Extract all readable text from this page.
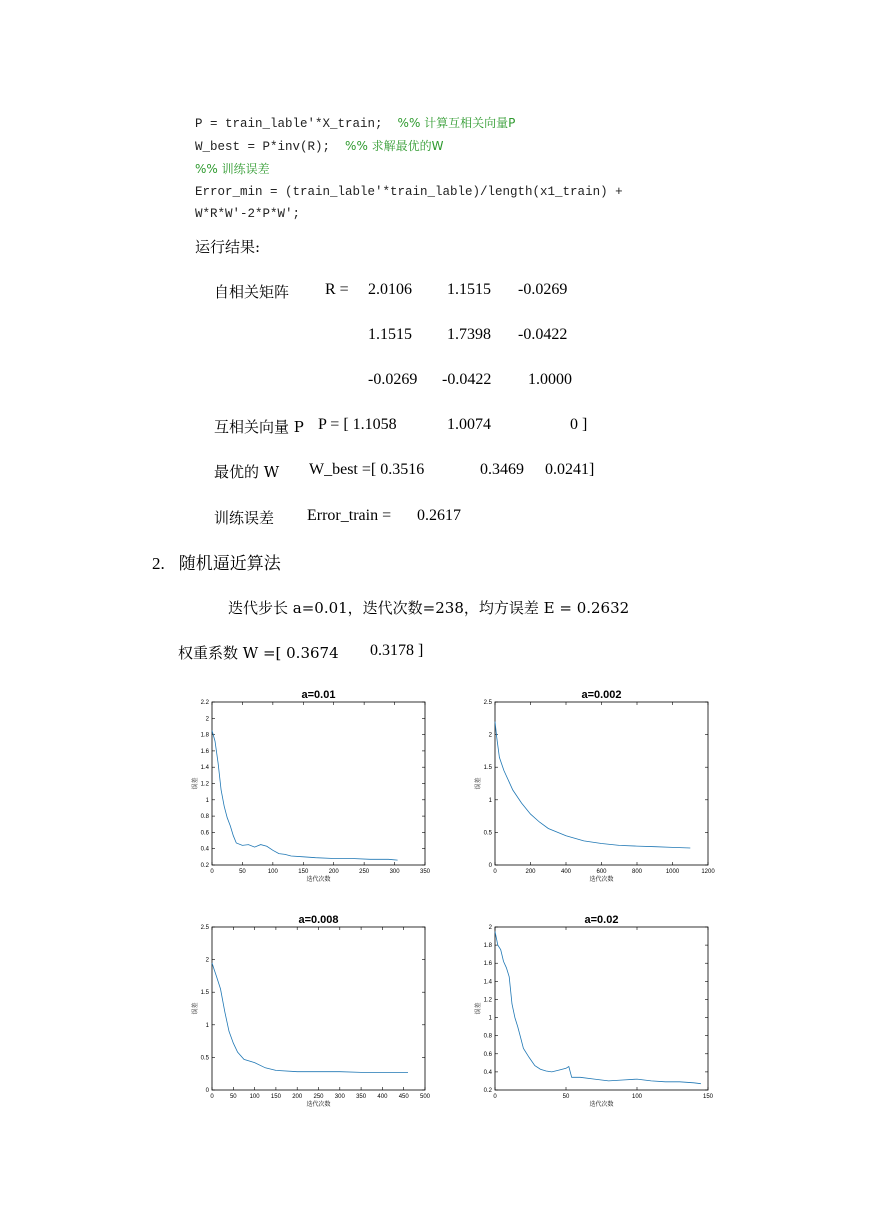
P = train_lable'*X_train; %% 计算互相关向量P
W_best = P*inv(R); %% 求解最优的W
%% 训练误差
Error_min = (train_lable'*train_lable)/length(x1_train) +
W*R*W'-2*P*W';
运行结果:
自相关矩阵 R = 2.0106 1.1515 -0.0269
1.1515 1.7398 -0.0422
-0.0269 -0.0422 1.0000
互相关向量 P P = [ 1.1058	1.0074	0 ]
最优的 W W_best =[ 0.3516	0.3469 0.0241]
训练误差 Error_train = 0.2617
2. 随机逼近算法
迭代步长 a=0.01，迭代次数=238，均方误差 E = 0.2632
权重系数 W =[ 0.3674 0.3178 ]
a=0.01
0	50	100	150	200	250	300	350
0.2
0.4
0.6
0.8
1
1.2
1.4
1.6
1.8
2
2.2
迭代次数
误差
a=0.002
0	200	400	600	800	1000	1200
0
0.5
1
1.5
2
2.5
迭代次数
误差
a=0.008
0	50 100 150 200 250 300 350 400 450 500
0
0.5
1
1.5
2
2.5
迭代次数
误差
a=0.02
0	50	100	150
0.2
0.4
0.6
0.8
1
1.2
1.4
1.6
1.8
2
迭代次数
误差
